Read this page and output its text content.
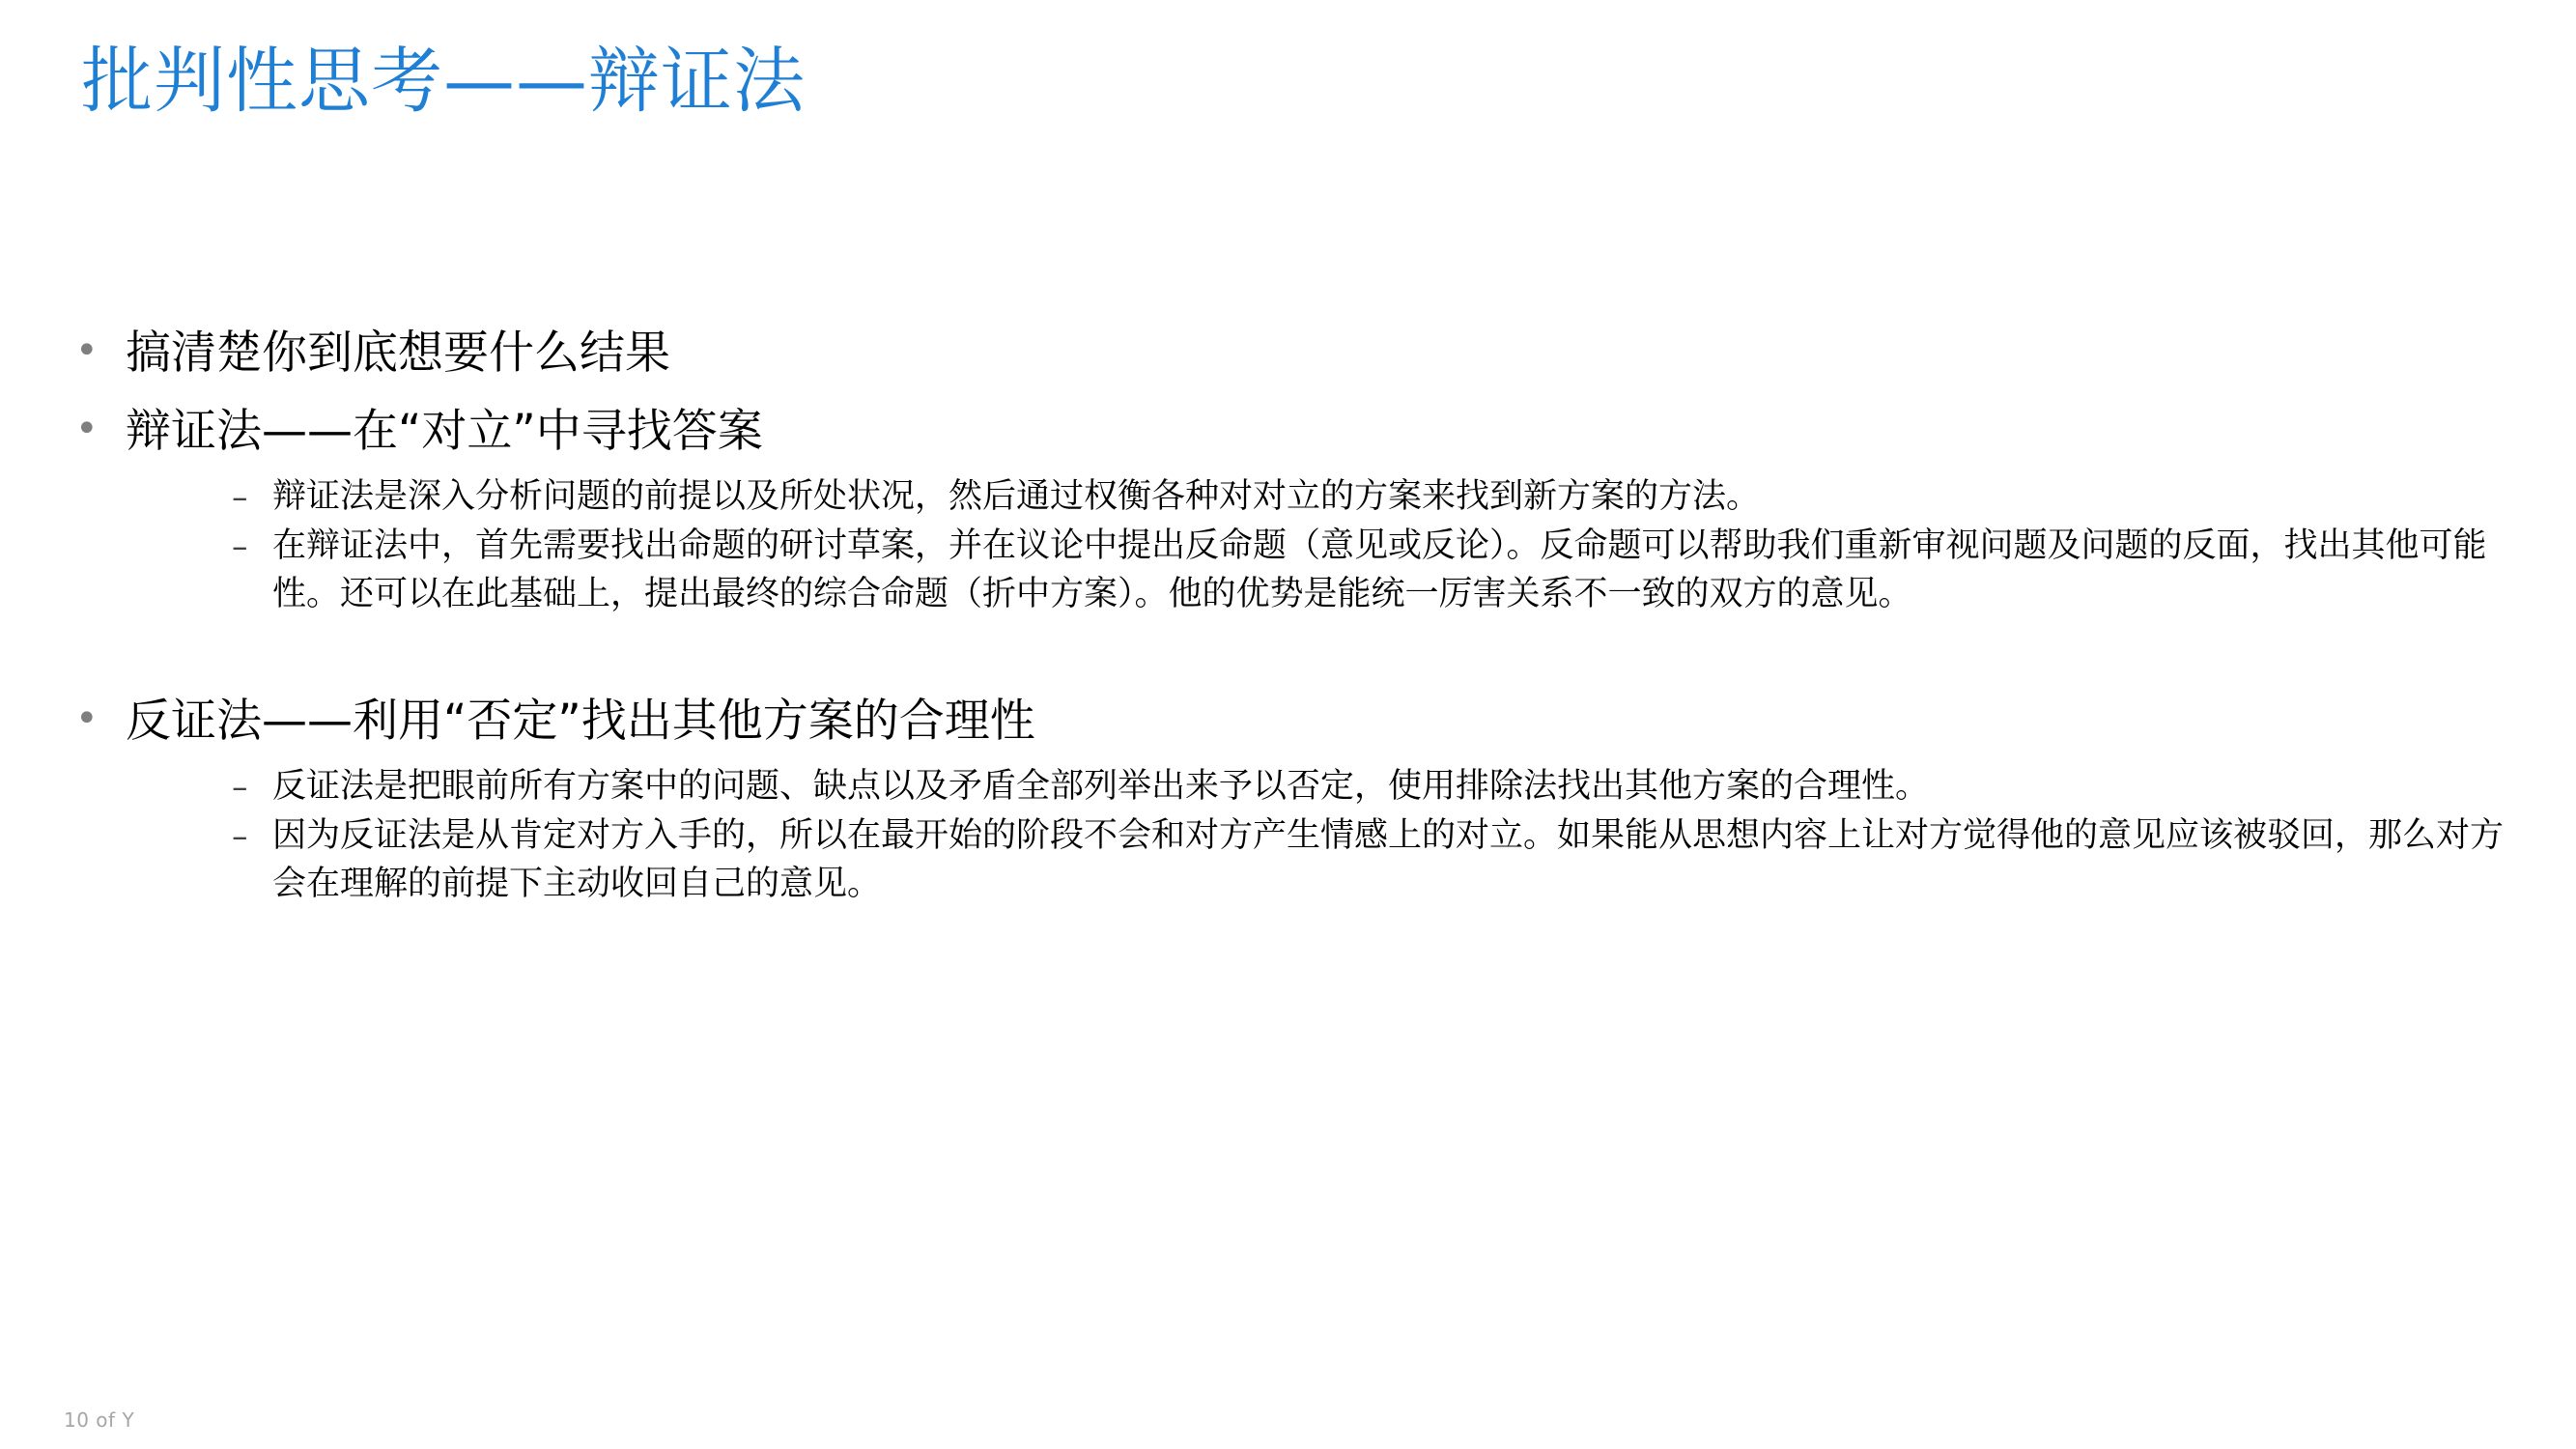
批判性思考——辩证法
• 搞清楚你到底想要什么结果
• 辩证法——在“对立”中寻找答案
– 辩证法是深入分析问题的前提以及所处状况，然后通过权衡各种对对立的方案来找到新方案的方法。
– 在辩证法中，首先需要找出命题的研讨草案，并在议论中提出反命题（意见或反论）。反命题可以帮助我们重新审视问题及问题的反面，找出其他可能性。还可以在此基础上，提出最终的综合命题（折中方案）。他的优势是能统一厉害关系不一致的双方的意见。
• 反证法——利用“否定”找出其他方案的合理性
– 反证法是把眼前所有方案中的问题、缺点以及矛盾全部列举出来予以否定，使用排除法找出其他方案的合理性。
– 因为反证法是从肯定对方入手的，所以在最开始的阶段不会和对方产生情感上的对立。如果能从思想内容上让对方觉得他的意见应该被驳回，那么对方会在理解的前提下主动收回自己的意见。
10 of Y
